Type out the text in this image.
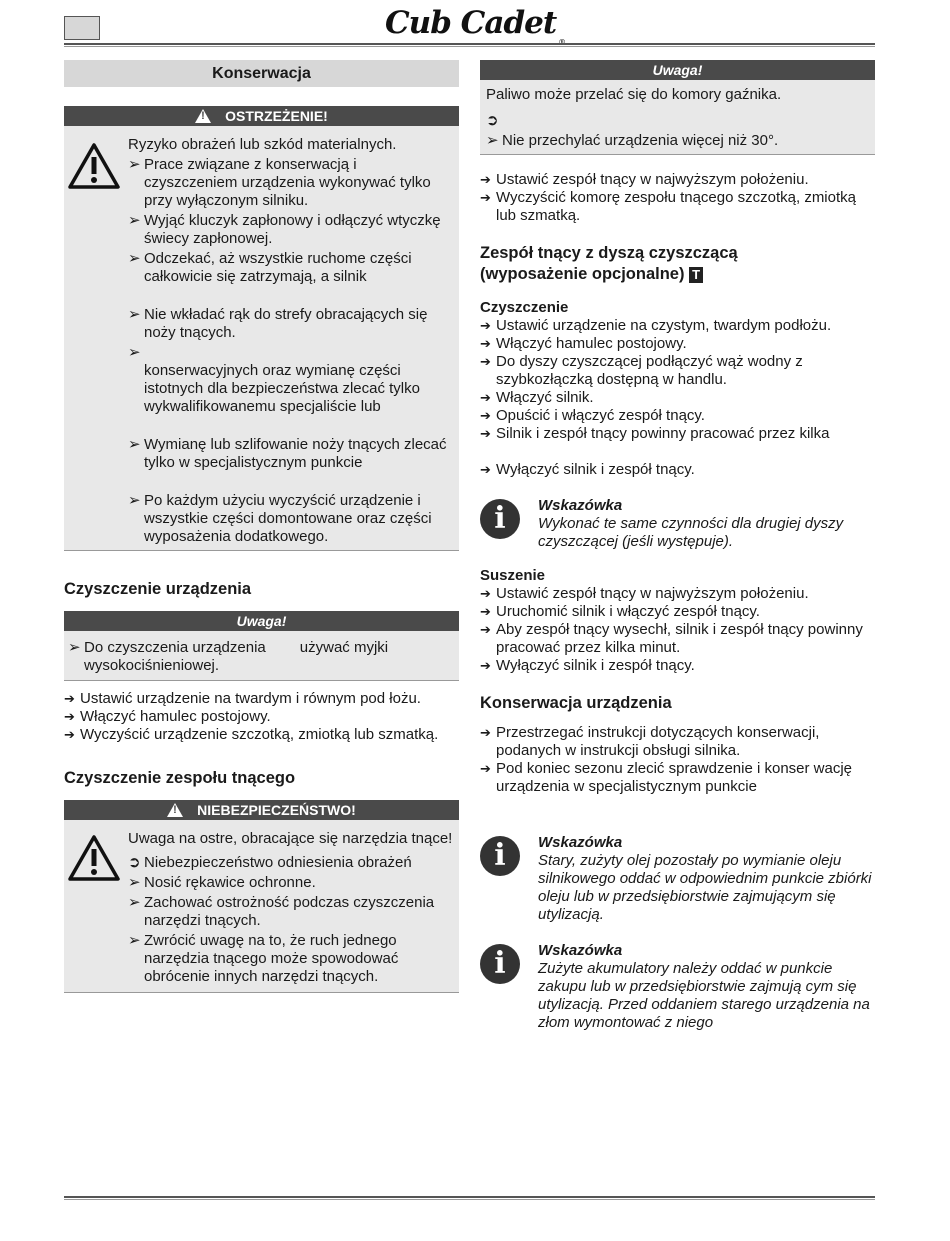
Cub Cadet
Konserwacja
!OSTRZEŻENIE!
Ryzyko obrażeń lub szkód materialnych.
➢ Prace związane z konserwacją i czyszczeniem urządzenia wykonywać tylko przy wyłączonym silniku.
➢ Wyjąć kluczyk zapłonowy i odłączyć wtyczkę świecy zapłonowej.
➢ Odczekać, aż wszystkie ruchome części całkowicie się zatrzymają, a silnik
➢ Nie wkładać rąk do strefy obracających się noży tnących.
➢

konserwacyjnych oraz wymianę części istotnych dla bezpieczeństwa zlecać tylko wykwalifikowanemu specjaliście lub
➢ Wymianę lub szlifowanie noży tnących zlecać tylko w specjalistycznym punkcie
➢ Po każdym użyciu wyczyścić urządzenie i wszystkie części domontowane oraz części wyposażenia dodatkowego.
Czyszczenie urządzenia
Uwaga!
➢ Do czyszczenia urządzenia używać myjki
wysokociśnieniowej.
➔ Ustawić urządzenie na twardym i równym pod łożu.
➔ Włączyć hamulec postojowy.
➔ Wyczyścić urządzenie szczotką, zmiotką lub szmatką.
Czyszczenie zespołu tnącego
!NIEBEZPIECZEŃSTWO!
Uwaga na ostre, obracające się narzędzia tnące!
➲ Niebezpieczeństwo odniesienia obrażeń
➢ Nosić rękawice ochronne.
➢ Zachować ostrożność podczas czyszczenia narzędzi tnących.
➢ Zwrócić uwagę na to, że ruch jednego narzędzia tnącego może spowodować obrócenie innych narzędzi tnących.
Uwaga!
Paliwo może przelać się do komory gaźnika.
➲

➢ Nie przechylać urządzenia więcej niż 30°.
➔ Ustawić zespół tnący w najwyższym położeniu.
➔ Wyczyścić komorę zespołu tnącego szczotką, zmiotką lub szmatką.
Zespół tnący z dyszą czyszczącą
(wyposażenie opcjonalne) T
Czyszczenie
➔ Ustawić urządzenie na czystym, twardym podłożu.
➔ Włączyć hamulec postojowy.
➔ Do dyszy czyszczącej podłączyć wąż wodny z szybkozłączką dostępną w handlu.
➔ Włączyć silnik.
➔ Opuścić i włączyć zespół tnący.
➔ Silnik i zespół tnący powinny pracować przez kilka
➔ Wyłączyć silnik i zespół tnący.
i	Wskazówka
Wykonać te same czynności dla drugiej dyszy czyszczącej (jeśli występuje).
Suszenie
➔ Ustawić zespół tnący w najwyższym położeniu.
➔ Uruchomić silnik i włączyć zespół tnący.
➔ Aby zespół tnący wysechł, silnik i zespół tnący powinny pracować przez kilka minut.
➔ Wyłączyć silnik i zespół tnący.
Konserwacja urządzenia
➔ Przestrzegać instrukcji dotyczących konserwacji, podanych w instrukcji obsługi silnika.
➔ Pod koniec sezonu zlecić sprawdzenie i konser wację urządzenia w specjalistycznym punkcie
i	Wskazówka
Stary, zużyty olej pozostały po wymianie oleju silnikowego oddać w odpowiednim punkcie zbiórki oleju lub w przedsiębiorstwie zajmującym się utylizacją.
i	Wskazówka
Zużyte akumulatory należy oddać w punkcie zakupu lub w przedsiębiorstwie zajmują cym się utylizacją. Przed oddaniem starego urządzenia na złom wymontować z niego
